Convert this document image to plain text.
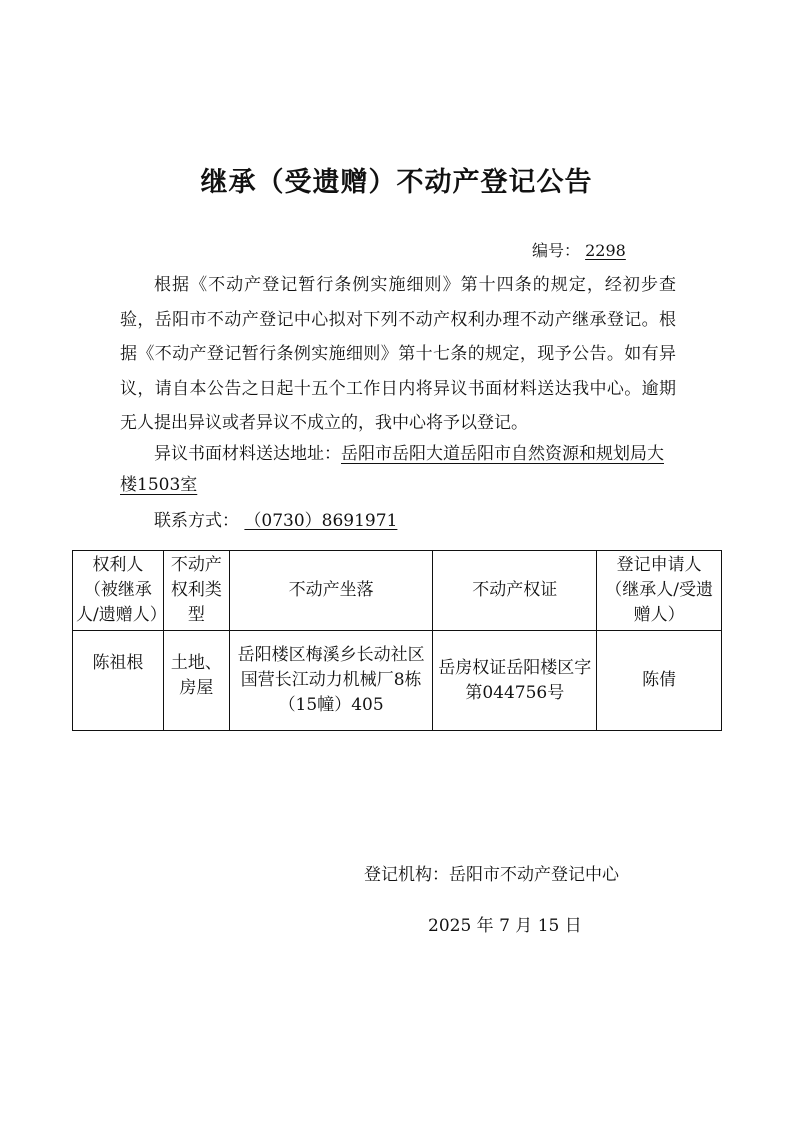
继承（受遗赠）不动产登记公告
编号： 2298

根据《不动产登记暂行条例实施细则》第十四条的规定，经初步查验，岳阳市不动产登记中心拟对下列不动产权利办理不动产继承登记。根据《不动产登记暂行条例实施细则》第十七条的规定，现予公告。如有异议，请自本公告之日起十五个工作日内将异议书面材料送达我中心。逾期无人提出异议或者异议不成立的，我中心将予以登记。

异议书面材料送达地址：岳阳市岳阳大道岳阳市自然资源和规划局大楼1503室
联系方式： （0730）8691971
权利人（被继承人/遗赠人）	不动产权利类型	不动产坐落	不动产权证	登记申请人（继承人/受遗赠人）
陈祖根	土地、房屋	岳阳楼区梅溪乡长动社区国营长江动力机械厂8栋（15幢）405	岳房权证岳阳楼区字第044756号	陈倩
登记机构：岳阳市不动产登记中心
2025 年 7 月 15 日
